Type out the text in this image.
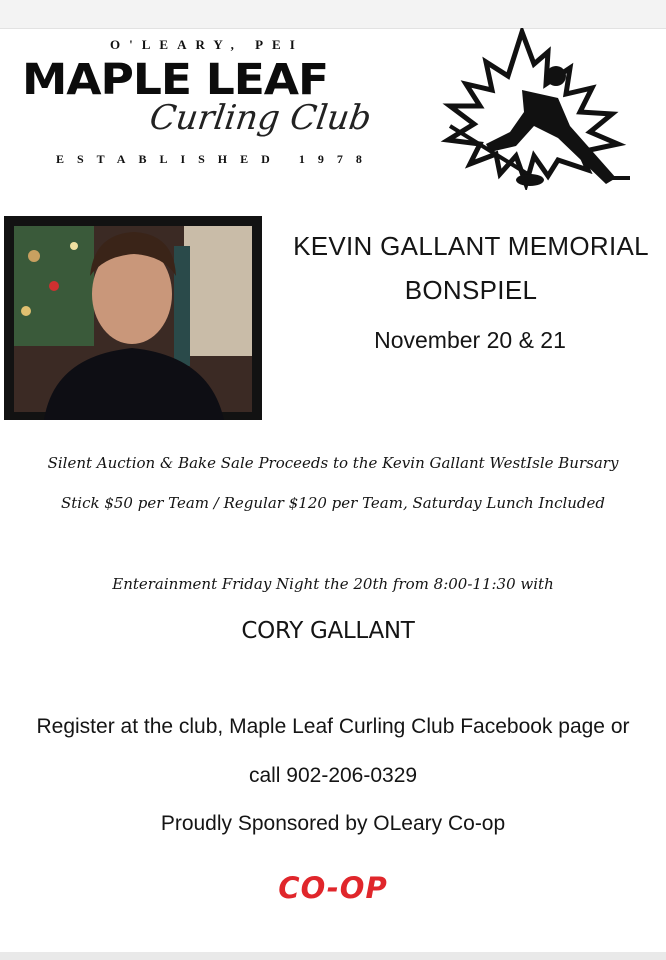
O'LEARY, PEI
MAPLE LEAF
Curling Club
ESTABLISHED 1978
KEVIN GALLANT MEMORIAL
BONSPIEL
November 20 & 21
Silent Auction & Bake Sale Proceeds to the Kevin Gallant WestIsle Bursary
Stick $50 per Team / Regular $120 per Team, Saturday Lunch Included
Enterainment Friday Night the 20th from 8:00-11:30 with
CORY GALLANT
Register at the club, Maple Leaf Curling Club Facebook page or
call 902-206-0329
Proudly Sponsored by OLeary Co-op
CO-OP
